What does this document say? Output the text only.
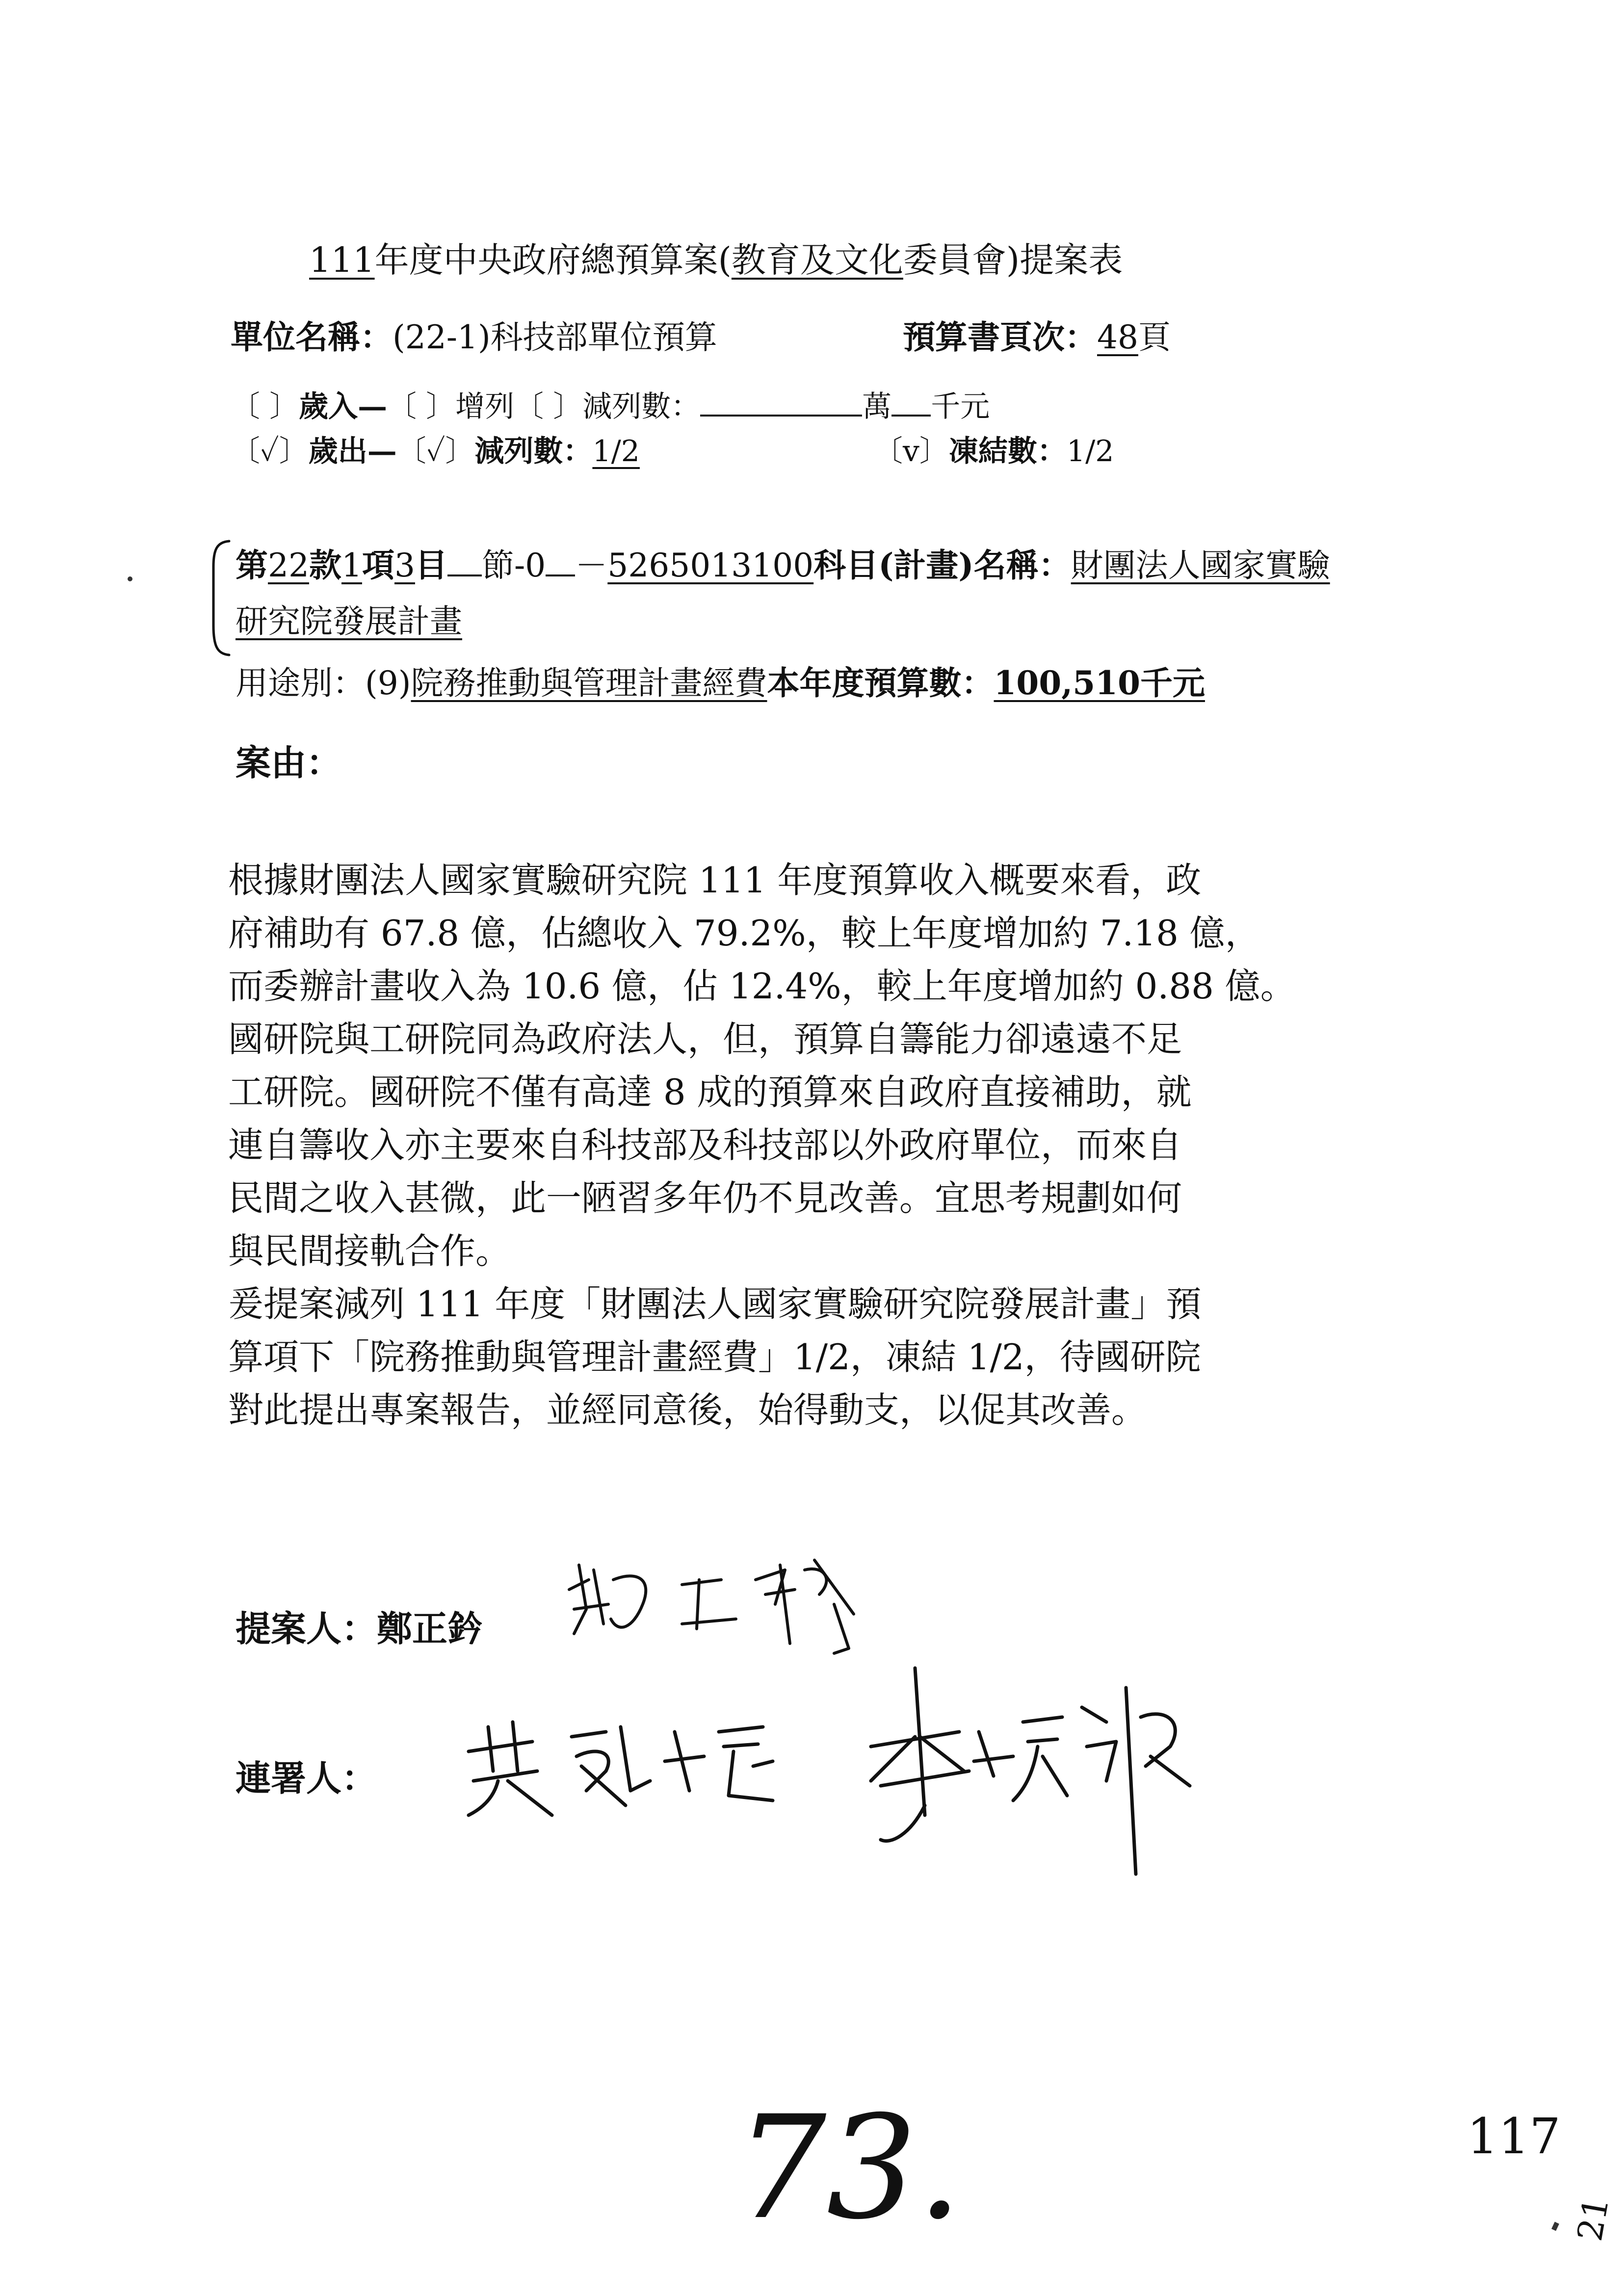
111年度中央政府總預算案(教育及文化委員會)提案表
單位名稱：(22-1)科技部單位預算	預算書頁次：48頁
〔 〕歲入—〔 〕增列〔 〕減列數：	萬 千元
〔✓〕歲出—〔✓〕減列數：1/2	〔v〕凍結數：1/2
第22款1項3目 節-0 －5265013100科目(計畫)名稱：財團法人國家實驗
研究院發展計畫
用途別：(9)院務推動與管理計畫經費本年度預算數：100,510千元
案由：
根據財團法人國家實驗研究院 111 年度預算收入概要來看，政
府補助有 67.8 億，佔總收入 79.2%，較上年度增加約 7.18 億，
而委辦計畫收入為 10.6 億，佔 12.4%，較上年度增加約 0.88 億。
國研院與工研院同為政府法人，但，預算自籌能力卻遠遠不足
工研院。國研院不僅有高達 8 成的預算來自政府直接補助，就
連自籌收入亦主要來自科技部及科技部以外政府單位，而來自
民間之收入甚微，此一陋習多年仍不見改善。宜思考規劃如何
與民間接軌合作。
爰提案減列 111 年度「財團法人國家實驗研究院發展計畫」預
算項下「院務推動與管理計畫經費」1/2，凍結 1/2，待國研院
對此提出專案報告，並經同意後，始得動支，以促其改善。
提案人：鄭正鈐
連署人：
73.	117
21
